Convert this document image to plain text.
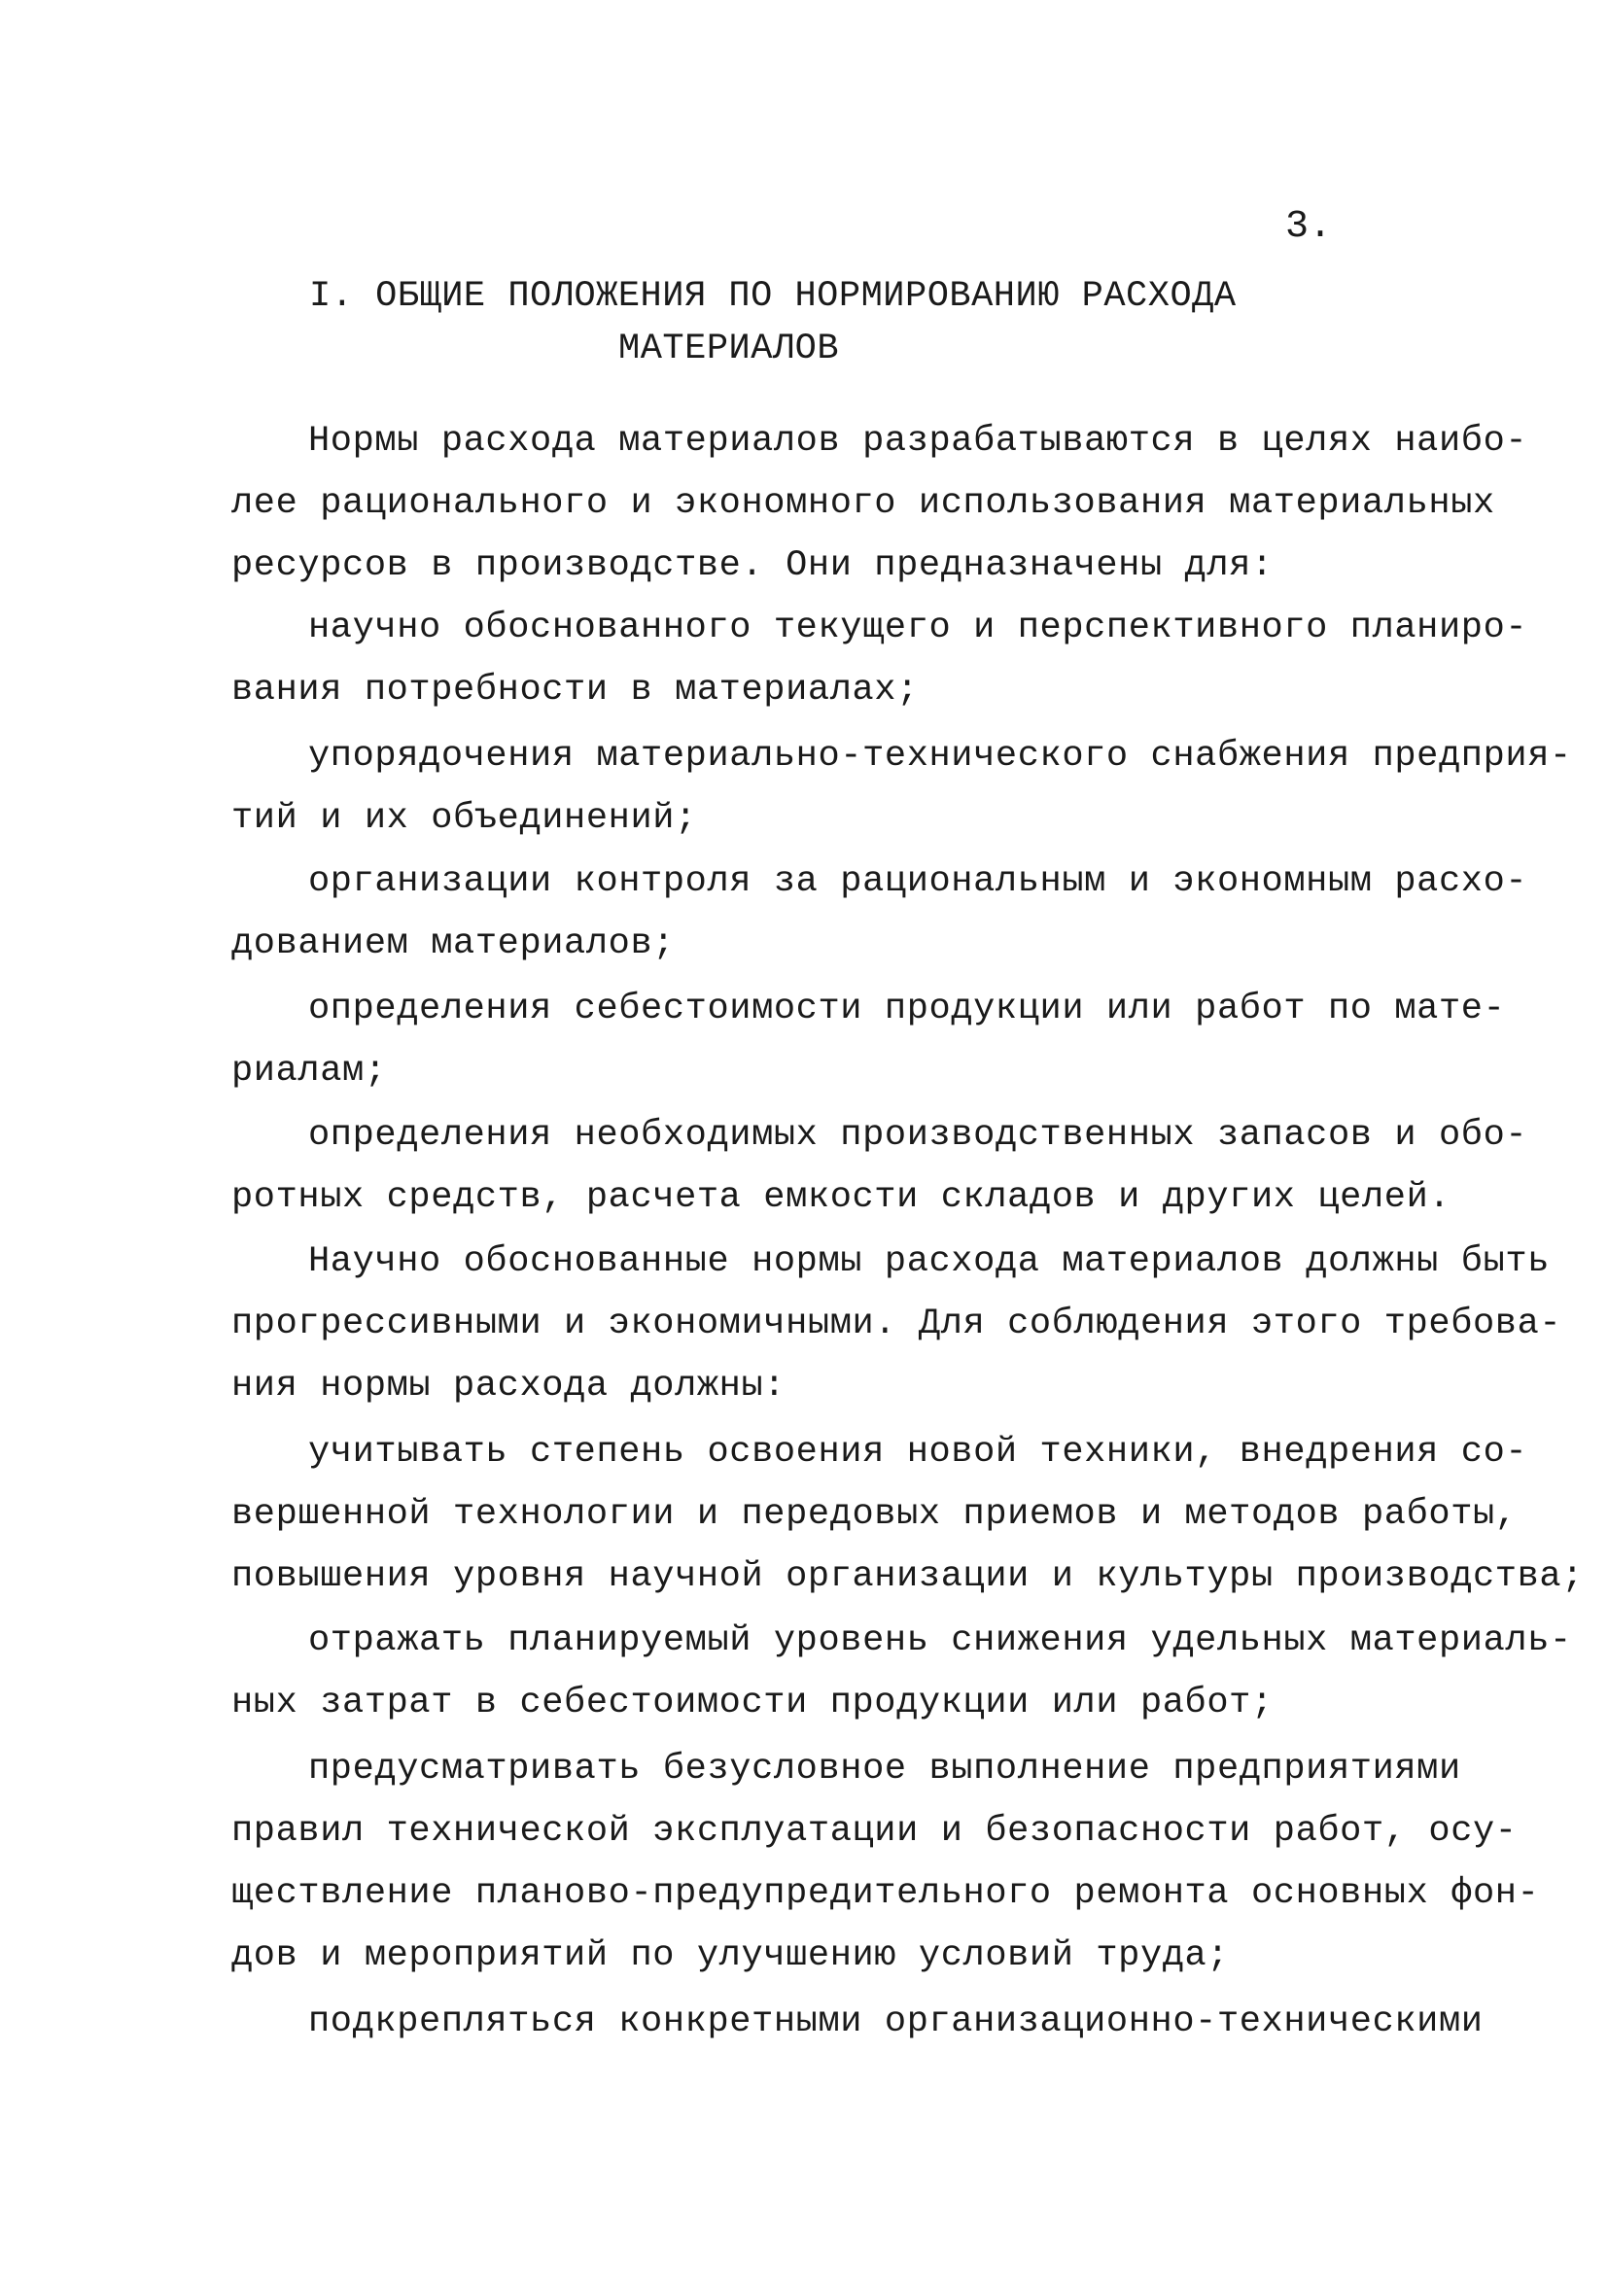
3.
I. ОБЩИЕ ПОЛОЖЕНИЯ ПО НОРМИРОВАНИЮ РАСХОДА
МАТЕРИАЛОВ
Нормы расхода материалов разрабатываются в целях наибо-
лее рационального и экономного использования материальных
ресурсов в производстве. Они предназначены для:
научно обоснованного текущего и перспективного планиро-
вания потребности в материалах;
упорядочения материально-технического снабжения предприя-
тий и их объединений;
организации контроля за рациональным и экономным расхо-
дованием материалов;
определения себестоимости продукции или работ по мате-
риалам;
определения необходимых производственных запасов и обо-
ротных средств, расчета емкости складов и других целей.
Научно обоснованные нормы расхода материалов должны быть
прогрессивными и экономичными. Для соблюдения этого требова-
ния нормы расхода должны:
учитывать степень освоения новой техники, внедрения со-
вершенной технологии и передовых приемов и методов работы,
повышения уровня научной организации и культуры производства;
отражать планируемый уровень снижения удельных материаль-
ных затрат в себестоимости продукции или работ;
предусматривать безусловное выполнение предприятиями
правил технической эксплуатации и безопасности работ, осу-
ществление планово-предупредительного ремонта основных фон-
дов и мероприятий по улучшению условий труда;
подкрепляться конкретными организационно-техническими
